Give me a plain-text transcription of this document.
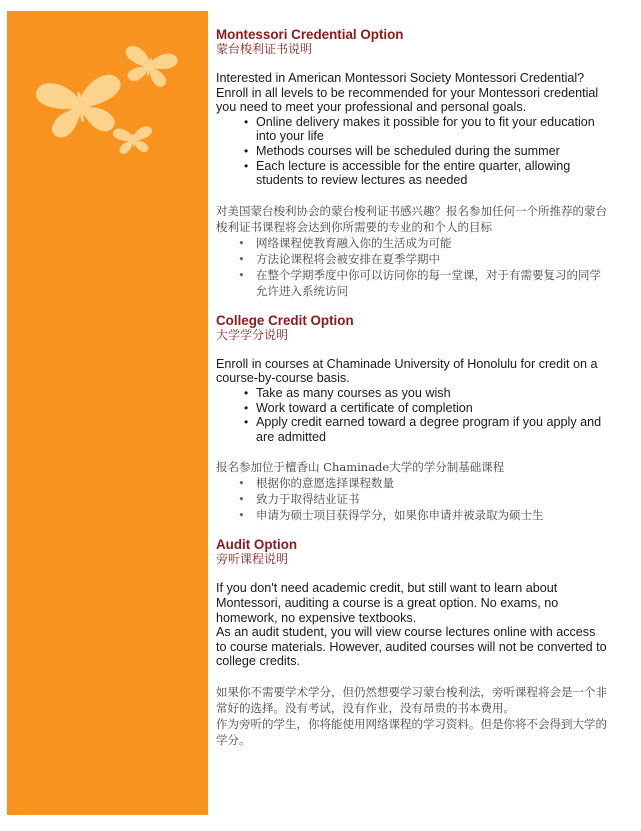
Montessori Credential Option
蒙台梭利证书说明

Interested in American Montessori Society Montessori Credential? Enroll in all levels to be recommended for your Montessori credential you need to meet your professional and personal goals.

• Online delivery makes it possible for you to fit your education into your life
• Methods courses will be scheduled during the summer
• Each lecture is accessible for the entire quarter, allowing students to review lectures as needed

对美国蒙台梭利协会的蒙台梭利证书感兴趣？报名参加任何一个所推荐的蒙台梭利证书课程将会达到你所需要的专业的和个人的目标

• 网络课程使教育融入你的生活成为可能
• 方法论课程将会被安排在夏季学期中
• 在整个学期季度中你可以访问你的每一堂课，对于有需要复习的同学允许进入系统访问
College Credit Option
大学学分说明

Enroll in courses at Chaminade University of Honolulu for credit on a course-by-course basis.

• Take as many courses as you wish
• Work toward a certificate of completion
• Apply credit earned toward a degree program if you apply and are admitted

报名参加位于檀香山 Chaminade大学的学分制基础课程

• 根据你的意愿选择课程数量
• 致力于取得结业证书
• 申请为硕士项目获得学分，如果你申请并被录取为硕士生
Audit Option
旁听课程说明

If you don't need academic credit, but still want to learn about Montessori, auditing a course is a great option. No exams, no homework, no expensive textbooks.

As an audit student, you will view course lectures online with access to course materials. However, audited courses will not be converted to college credits.

如果你不需要学术学分，但仍然想要学习蒙台梭利法，旁听课程将会是一个非常好的选择。没有考试，没有作业，没有昂贵的书本费用。

作为旁听的学生，你将能使用网络课程的学习资料。但是你将不会得到大学的学分。
